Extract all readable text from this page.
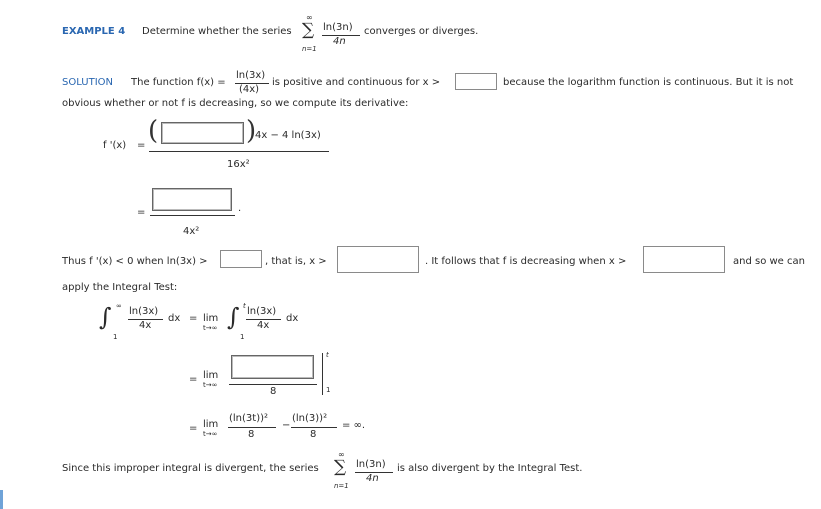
EXAMPLE 4 Determine whether the series
∞
∑
n=1
ln(3n)
4n
converges or diverges.
SOLUTION The function f(x) =
ln(3x)
(4x)
is positive and continuous for x >	because the logarithm function is continuous. But it is not
obvious whether or not f is decreasing, so we compute its derivative:
f '(x) = (	)
4x − 4 ln(3x)
16x²
=	.
4x²
Thus f '(x) < 0 when ln(3x) >	, that is, x >	. It follows that f is decreasing when x >	and so we can
apply the Integral Test:
∫ ∞
1
ln(3x)
4x
dx = lim
t→∞ ∫ t
1
ln(3x)
4x
dx
= lim
t→∞
8
t
1
= lim
t→∞
(ln(3t))²
8
−
(ln(3))²
8
= ∞.
Since this improper integral is divergent, the series
∞
∑
n=1
ln(3n)
4n
is also divergent by the Integral Test.
